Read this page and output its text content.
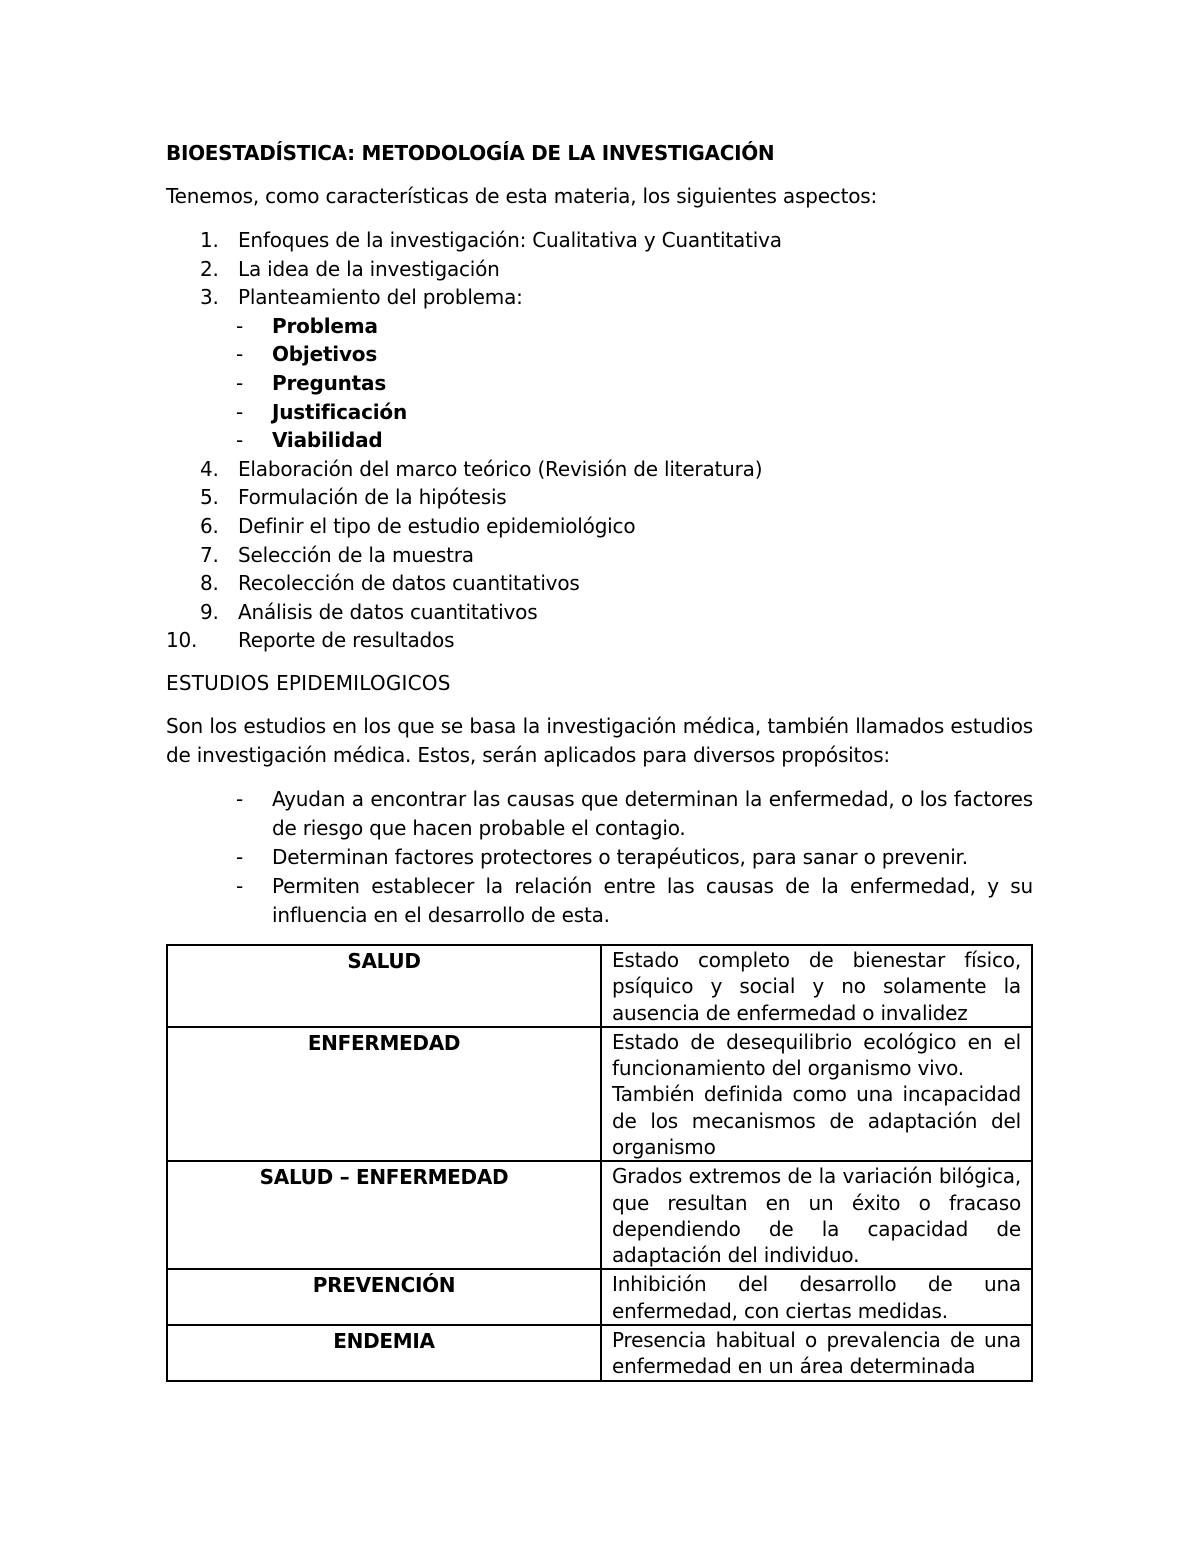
BIOESTADÍSTICA: METODOLOGÍA DE LA INVESTIGACIÓN

Tenemos, como características de esta materia, los siguientes aspectos:

1. Enfoques de la investigación: Cualitativa y Cuantitativa
2. La idea de la investigación
3. Planteamiento del problema:
-	Problema
-	Objetivos
-	Preguntas
-	Justificación
-	Viabilidad
4. Elaboración del marco teórico (Revisión de literatura)
5. Formulación de la hipótesis
6. Definir el tipo de estudio epidemiológico
7. Selección de la muestra
8. Recolección de datos cuantitativos
9. Análisis de datos cuantitativos
10.	Reporte de resultados

ESTUDIOS EPIDEMILOGICOS

Son los estudios en los que se basa la investigación médica, también llamados estudios de investigación médica. Estos, serán aplicados para diversos propósitos:

-	Ayudan a encontrar las causas que determinan la enfermedad, o los factores de riesgo que hacen probable el contagio.
-	Determinan factores protectores o terapéuticos, para sanar o prevenir.
-	Permiten establecer la relación entre las causas de la enfermedad, y su influencia en el desarrollo de esta.
SALUD	Estado completo de bienestar físico, psíquico y social y no solamente la ausencia de enfermedad o invalidez
ENFERMEDAD	Estado de desequilibrio ecológico en el funcionamiento del organismo vivo.
También definida como una incapacidad de los mecanismos de adaptación del organismo

SALUD – ENFERMEDAD	Grados extremos de la variación bilógica, que resultan en un éxito o fracaso dependiendo de la capacidad de adaptación del individuo.
PREVENCIÓN	Inhibición del desarrollo de una enfermedad, con ciertas medidas.
ENDEMIA	Presencia habitual o prevalencia de una enfermedad en un área determinada
